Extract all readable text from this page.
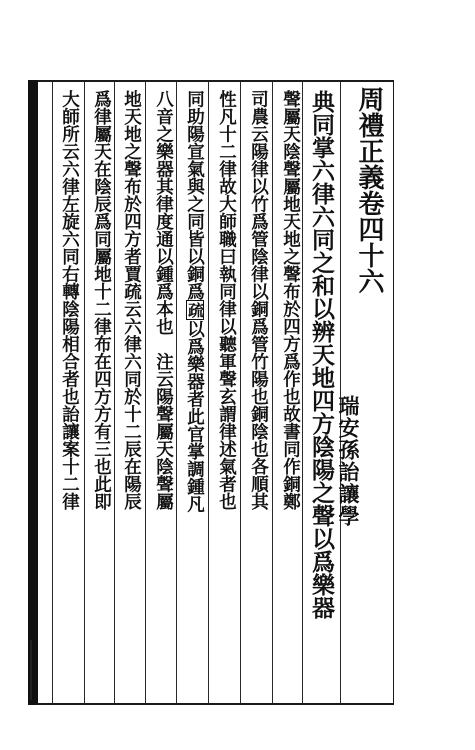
周禮正義卷四十六
瑞安孫詒讓學
典同掌六律六同之和以辨天地四方陰陽之聲以爲樂器
聲屬天陰聲屬地天地之聲布於四方爲作也故書同作銅鄭
司農云陽律以竹爲管陰律以銅爲管竹陽也銅陰也各順其
性凡十二律故大師職曰執同律以聽軍聲玄謂律述氣者也
同助陽宣氣與之同皆以銅爲疏以爲樂器者此官掌調鍾凡
八音之樂器其律度通以鍾爲本也　注云陽聲屬天陰聲屬
地天地之聲布於四方者賈疏云六律六同於十二辰在陽辰
爲律屬天在陰辰爲同屬地十二律布在四方方有三也此即
大師所云六律左旋六同右轉陰陽相合者也詒讓案十二律
